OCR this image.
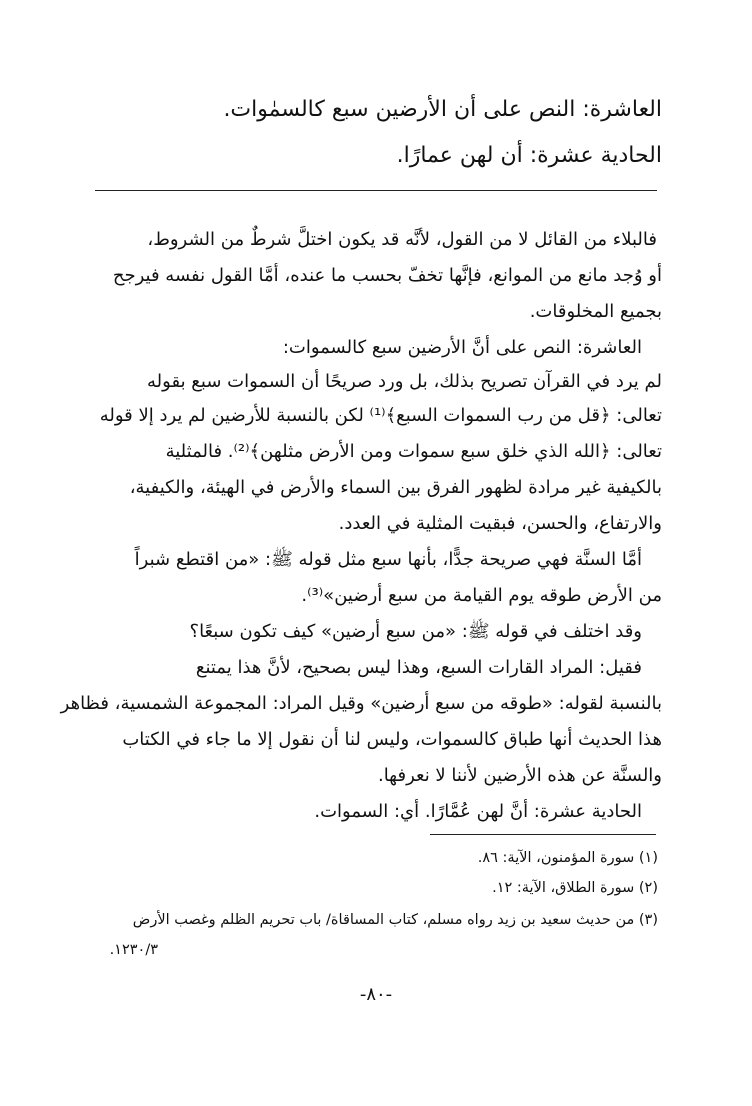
العاشرة: النص على أن الأرضين سبع كالسمٰوات.
الحادية عشرة: أن لهن عمارًا.
فالبلاء من القائل لا من القول، لأنَّه قد يكون اختلَّ شرطٌ من الشروط،
أو وُجد مانع من الموانع، فإنَّها تخفّ بحسب ما عنده، أمَّا القول نفسه فيرجح
بجميع المخلوقات.
العاشرة: النص على أنَّ الأرضين سبع كالسموات:
لم يرد في القرآن تصريح بذلك، بل ورد صريحًا أن السموات سبع بقوله
تعالى: ﴿قل من رب السموات السبع﴾⁽¹⁾ لكن بالنسبة للأرضين لم يرد إلا قوله
تعالى: ﴿الله الذي خلق سبع سموات ومن الأرض مثلهن﴾⁽²⁾. فالمثلية
بالكيفية غير مرادة لظهور الفرق بين السماء والأرض في الهيئة، والكيفية،
والارتفاع، والحسن، فبقيت المثلية في العدد.
أمَّا السنَّة فهي صريحة جدًّا، بأنها سبع مثل قوله ﷺ: «من اقتطع شبراً
من الأرض طوقه يوم القيامة من سبع أرضين»⁽³⁾.
وقد اختلف في قوله ﷺ: «من سبع أرضين» كيف تكون سبعًا؟
فقيل: المراد القارات السبع، وهذا ليس بصحيح، لأنَّ هذا يمتنع
بالنسبة لقوله: «طوقه من سبع أرضين» وقيل المراد: المجموعة الشمسية، فظاهر
هذا الحديث أنها طباق كالسموات، وليس لنا أن نقول إلا ما جاء في الكتاب
والسنَّة عن هذه الأرضين لأننا لا نعرفها.
الحادية عشرة: أنَّ لهن عُمَّارًا. أي: السموات.
(١) سورة المؤمنون، الآية: ٨٦.
(٢) سورة الطلاق، الآية: ١٢.
(٣) من حديث سعيد بن زيد رواه مسلم، كتاب المساقاة/ باب تحريم الظلم وغصب الأرض
١٢٣٠/٣.
-٨٠-
